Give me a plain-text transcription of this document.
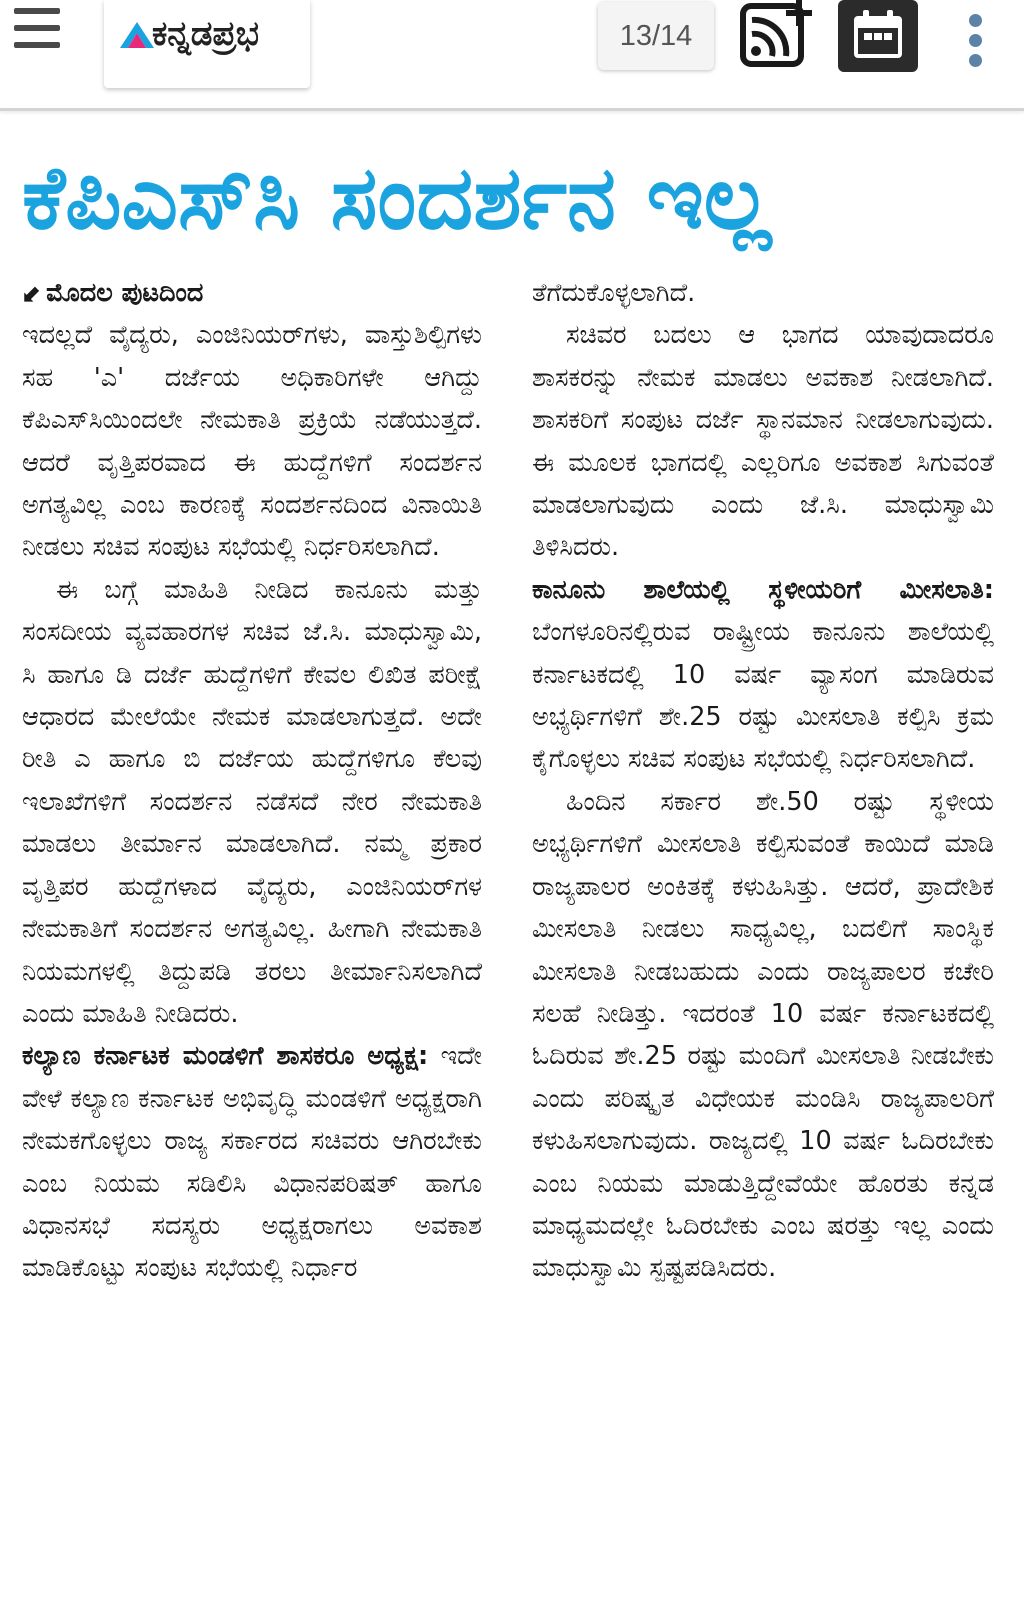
ಕನ್ನಡಪ್ರಭ	13/14
ಕೆಪಿಎಸ್‌ಸಿ ಸಂದರ್ಶನ ಇಲ್ಲ
⬋ ಮೊದಲ ಪುಟದಿಂದ

ಇದಲ್ಲದೆ ವೈದ್ಯರು, ಎಂಜಿನಿಯರ್‌ಗಳು, ವಾಸ್ತುಶಿಲ್ಪಿಗಳು ಸಹ 'ಎ' ದರ್ಜೆಯ ಅಧಿಕಾರಿಗಳೇ ಆಗಿದ್ದು ಕೆಪಿಎಸ್‌ಸಿಯಿಂದಲೇ ನೇಮಕಾತಿ ಪ್ರಕ್ರಿಯೆ ನಡೆಯುತ್ತದೆ. ಆದರೆ ವೃತ್ತಿಪರವಾದ ಈ ಹುದ್ದೆಗಳಿಗೆ ಸಂದರ್ಶನ ಅಗತ್ಯವಿಲ್ಲ ಎಂಬ ಕಾರಣಕ್ಕೆ ಸಂದರ್ಶನದಿಂದ ವಿನಾಯಿತಿ ನೀಡಲು ಸಚಿವ ಸಂಪುಟ ಸಭೆಯಲ್ಲಿ ನಿರ್ಧರಿಸಲಾಗಿದೆ.

ಈ ಬಗ್ಗೆ ಮಾಹಿತಿ ನೀಡಿದ ಕಾನೂನು ಮತ್ತು ಸಂಸದೀಯ ವ್ಯವಹಾರಗಳ ಸಚಿವ ಜೆ.ಸಿ. ಮಾಧುಸ್ವಾಮಿ, ಸಿ ಹಾಗೂ ಡಿ ದರ್ಜೆ ಹುದ್ದೆಗಳಿಗೆ ಕೇವಲ ಲಿಖಿತ ಪರೀಕ್ಷೆ ಆಧಾರದ ಮೇಲೆಯೇ ನೇಮಕ ಮಾಡಲಾಗುತ್ತದೆ. ಅದೇ ರೀತಿ ಎ ಹಾಗೂ ಬಿ ದರ್ಜೆಯ ಹುದ್ದೆಗಳಿಗೂ ಕೆಲವು ಇಲಾಖೆಗಳಿಗೆ ಸಂದರ್ಶನ ನಡೆಸದೆ ನೇರ ನೇಮಕಾತಿ ಮಾಡಲು ತೀರ್ಮಾನ ಮಾಡಲಾಗಿದೆ. ನಮ್ಮ ಪ್ರಕಾರ ವೃತ್ತಿಪರ ಹುದ್ದೆಗಳಾದ ವೈದ್ಯರು, ಎಂಜಿನಿಯರ್‌ಗಳ ನೇಮಕಾತಿಗೆ ಸಂದರ್ಶನ ಅಗತ್ಯವಿಲ್ಲ. ಹೀಗಾಗಿ ನೇಮಕಾತಿ ನಿಯಮಗಳಲ್ಲಿ ತಿದ್ದುಪಡಿ ತರಲು ತೀರ್ಮಾನಿಸಲಾಗಿದೆ ಎಂದು ಮಾಹಿತಿ ನೀಡಿದರು.

ಕಲ್ಯಾಣ ಕರ್ನಾಟಕ ಮಂಡಳಿಗೆ ಶಾಸಕರೂ ಅಧ್ಯಕ್ಷ: ಇದೇ ವೇಳೆ ಕಲ್ಯಾಣ ಕರ್ನಾಟಕ ಅಭಿವೃದ್ಧಿ ಮಂಡಳಿಗೆ ಅಧ್ಯಕ್ಷರಾಗಿ ನೇಮಕಗೊಳ್ಳಲು ರಾಜ್ಯ ಸರ್ಕಾರದ ಸಚಿವರು ಆಗಿರಬೇಕು ಎಂಬ ನಿಯಮ ಸಡಿಲಿಸಿ ವಿಧಾನಪರಿಷತ್ ಹಾಗೂ ವಿಧಾನಸಭೆ ಸದಸ್ಯರು ಅಧ್ಯಕ್ಷರಾಗಲು ಅವಕಾಶ ಮಾಡಿಕೊಟ್ಟು ಸಂಪುಟ ಸಭೆಯಲ್ಲಿ ನಿರ್ಧಾರ

ತೆಗೆದುಕೊಳ್ಳಲಾಗಿದೆ.

ಸಚಿವರ ಬದಲು ಆ ಭಾಗದ ಯಾವುದಾದರೂ ಶಾಸಕರನ್ನು ನೇಮಕ ಮಾಡಲು ಅವಕಾಶ ನೀಡಲಾಗಿದೆ. ಶಾಸಕರಿಗೆ ಸಂಪುಟ ದರ್ಜೆ ಸ್ಥಾನಮಾನ ನೀಡಲಾಗುವುದು. ಈ ಮೂಲಕ ಭಾಗದಲ್ಲಿ ಎಲ್ಲರಿಗೂ ಅವಕಾಶ ಸಿಗುವಂತೆ ಮಾಡಲಾಗುವುದು ಎಂದು ಜೆ.ಸಿ. ಮಾಧುಸ್ವಾಮಿ ತಿಳಿಸಿದರು.

ಕಾನೂನು ಶಾಲೆಯಲ್ಲಿ ಸ್ಥಳೀಯರಿಗೆ ಮೀಸಲಾತಿ: ಬೆಂಗಳೂರಿನಲ್ಲಿರುವ ರಾಷ್ಟ್ರೀಯ ಕಾನೂನು ಶಾಲೆಯಲ್ಲಿ ಕರ್ನಾಟಕದಲ್ಲಿ 10 ವರ್ಷ ವ್ಯಾಸಂಗ ಮಾಡಿರುವ ಅಭ್ಯರ್ಥಿಗಳಿಗೆ ಶೇ.25 ರಷ್ಟು ಮೀಸಲಾತಿ ಕಲ್ಪಿಸಿ ಕ್ರಮ ಕೈಗೊಳ್ಳಲು ಸಚಿವ ಸಂಪುಟ ಸಭೆಯಲ್ಲಿ ನಿರ್ಧರಿಸಲಾಗಿದೆ.

ಹಿಂದಿನ ಸರ್ಕಾರ ಶೇ.50 ರಷ್ಟು ಸ್ಥಳೀಯ ಅಭ್ಯರ್ಥಿಗಳಿಗೆ ಮೀಸಲಾತಿ ಕಲ್ಪಿಸುವಂತೆ ಕಾಯಿದೆ ಮಾಡಿ ರಾಜ್ಯಪಾಲರ ಅಂಕಿತಕ್ಕೆ ಕಳುಹಿಸಿತ್ತು. ಆದರೆ, ಪ್ರಾದೇಶಿಕ ಮೀಸಲಾತಿ ನೀಡಲು ಸಾಧ್ಯವಿಲ್ಲ, ಬದಲಿಗೆ ಸಾಂಸ್ಥಿಕ ಮೀಸಲಾತಿ ನೀಡಬಹುದು ಎಂದು ರಾಜ್ಯಪಾಲರ ಕಚೇರಿ ಸಲಹೆ ನೀಡಿತ್ತು. ಇದರಂತೆ 10 ವರ್ಷ ಕರ್ನಾಟಕದಲ್ಲಿ ಓದಿರುವ ಶೇ.25 ರಷ್ಟು ಮಂದಿಗೆ ಮೀಸಲಾತಿ ನೀಡಬೇಕು ಎಂದು ಪರಿಷ್ಕೃತ ವಿಧೇಯಕ ಮಂಡಿಸಿ ರಾಜ್ಯಪಾಲರಿಗೆ ಕಳುಹಿಸಲಾಗುವುದು. ರಾಜ್ಯದಲ್ಲಿ 10 ವರ್ಷ ಓದಿರಬೇಕು ಎಂಬ ನಿಯಮ ಮಾಡುತ್ತಿದ್ದೇವೆಯೇ ಹೊರತು ಕನ್ನಡ ಮಾಧ್ಯಮದಲ್ಲೇ ಓದಿರಬೇಕು ಎಂಬ ಷರತ್ತು ಇಲ್ಲ ಎಂದು ಮಾಧುಸ್ವಾಮಿ ಸ್ಪಷ್ಟಪಡಿಸಿದರು.
